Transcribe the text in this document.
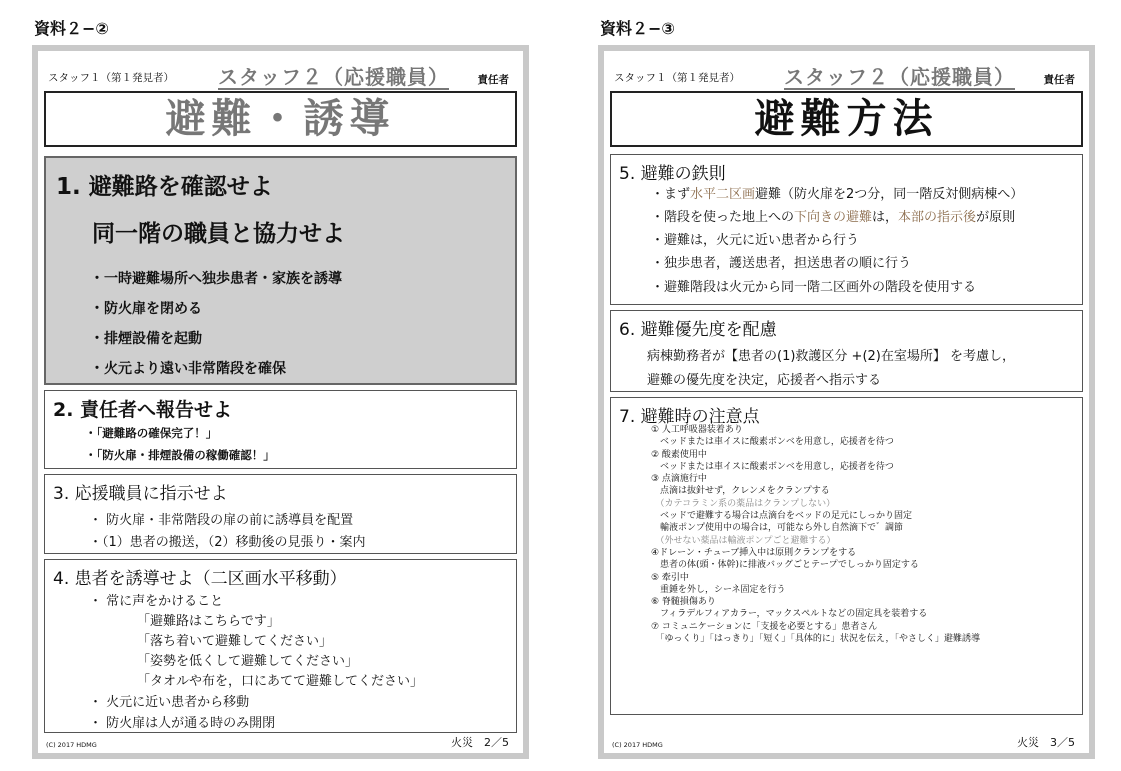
資料２−②
スタッフ１（第１発見者） スタッフ２（応援職員）	責任者
避難・誘導
1. 避難路を確認せよ
同一階の職員と協力せよ
・一時避難場所へ独歩患者・家族を誘導
・防火扉を閉める
・排煙設備を起動
・火元より遠い非常階段を確保
2. 責任者へ報告せよ
・「避難路の確保完了！」
・「防火扉・排煙設備の稼働確認！」
3. 応援職員に指示せよ
・ 防火扉・非常階段の扉の前に誘導員を配置
・（1）患者の搬送，（2）移動後の見張り・案内
4. 患者を誘導せよ（二区画水平移動）
・ 常に声をかけること
「避難路はこちらです」
「落ち着いて避難してください」
「姿勢を低くして避難してください」
「タオルや布を，口にあてて避難してください」
・ 火元に近い患者から移動
・ 防火扉は人が通る時のみ開閉
(C) 2017 HDMG	火災　2／5
資料２−③
スタッフ１（第１発見者） スタッフ２（応援職員）	責任者
避難方法
5. 避難の鉄則
・まず水平二区画避難（防火扉を2つ分，同一階反対側病棟へ）
・階段を使った地上への下向きの避難は，本部の指示後が原則
・避難は，火元に近い患者から行う
・独歩患者，護送患者，担送患者の順に行う
・避難階段は火元から同一階二区画外の階段を使用する
6. 避難優先度を配慮
病棟勤務者が【患者の(1)救護区分 +(2)在室場所】 を考慮し，
避難の優先度を決定，応援者へ指示する
7. 避難時の注意点
① 人工呼吸器装着あり
　ベッドまたは車イスに酸素ボンベを用意し，応援者を待つ
② 酸素使用中
　ベッドまたは車イスに酸素ボンベを用意し，応援者を待つ
③ 点滴施行中
　点滴は抜針せず，クレンメをクランプする
　（カテコラミン系の薬品はクランプしない）
　ベッドで避難する場合は点滴台をベッドの足元にしっかり固定
　輸液ポンプ使用中の場合は，可能なら外し自然滴下で゛調節
　（外せない薬品は輸液ポンプごと避難する）
④ドレーン・チューブ挿入中は原則クランプをする
　患者の体(頭・体幹)に排液バッグごとテープでしっかり固定する
⑤ 牽引中
　重錘を外し，シーネ固定を行う
⑥ 脊髄損傷あり
　フィラデルフィアカラー，マックスペルトなどの固定具を装着する
⑦ コミュニケーションに「支援を必要とする」患者さん
　「ゆっくり」「はっきり」「短く」「具体的に」状況を伝え，「やさしく」避難誘導
(C) 2017 HDMG	火災　3／5
